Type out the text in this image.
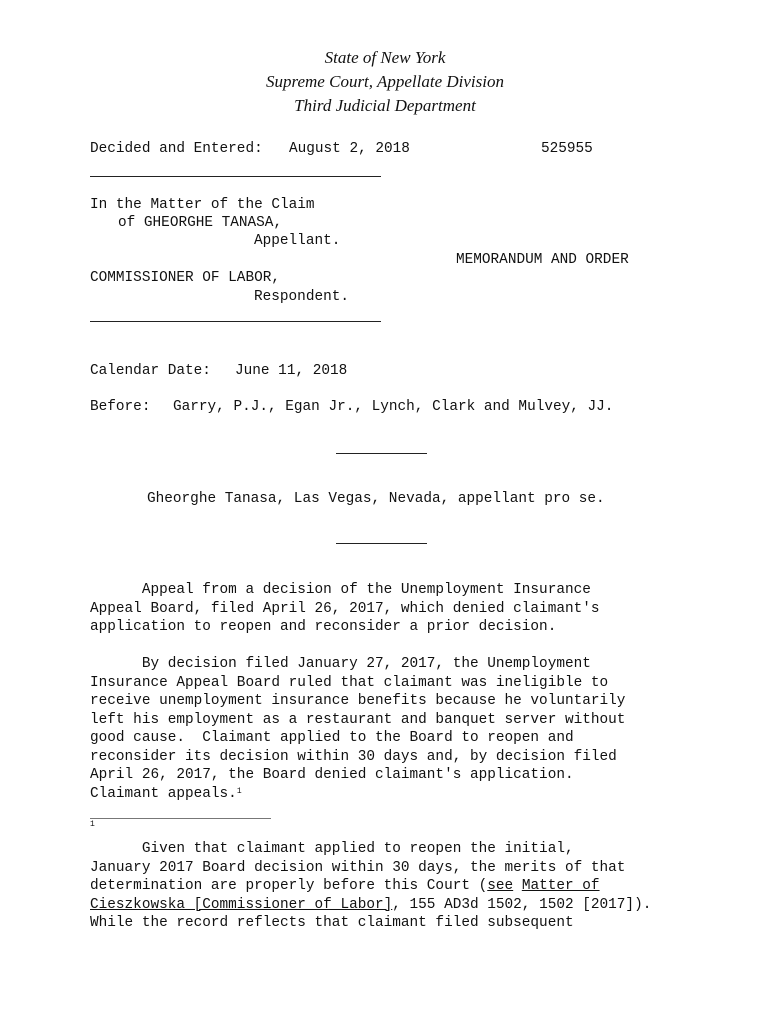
State of New York
Supreme Court, Appellate Division
Third Judicial Department
Decided and Entered: August 2, 2018	525955
In the Matter of the Claim
of GHEORGHE TANASA,
Appellant.
MEMORANDUM AND ORDER
COMMISSIONER OF LABOR,
Respondent.
Calendar Date: June 11, 2018
Before: Garry, P.J., Egan Jr., Lynch, Clark and Mulvey, JJ.
Gheorghe Tanasa, Las Vegas, Nevada, appellant pro se.
Appeal from a decision of the Unemployment Insurance
Appeal Board, filed April 26, 2017, which denied claimant's
application to reopen and reconsider a prior decision.
By decision filed January 27, 2017, the Unemployment
Insurance Appeal Board ruled that claimant was ineligible to
receive unemployment insurance benefits because he voluntarily
left his employment as a restaurant and banquet server without
good cause.  Claimant applied to the Board to reopen and
reconsider its decision within 30 days and, by decision filed
April 26, 2017, the Board denied claimant's application.
Claimant appeals.$^1$
1
Given that claimant applied to reopen the initial,
January 2017 Board decision within 30 days, the merits of that
determination are properly before this Court (see Matter of
Cieszkowska [Commissioner of Labor], 155 AD3d 1502, 1502 [2017]).
While the record reflects that claimant filed subsequent
